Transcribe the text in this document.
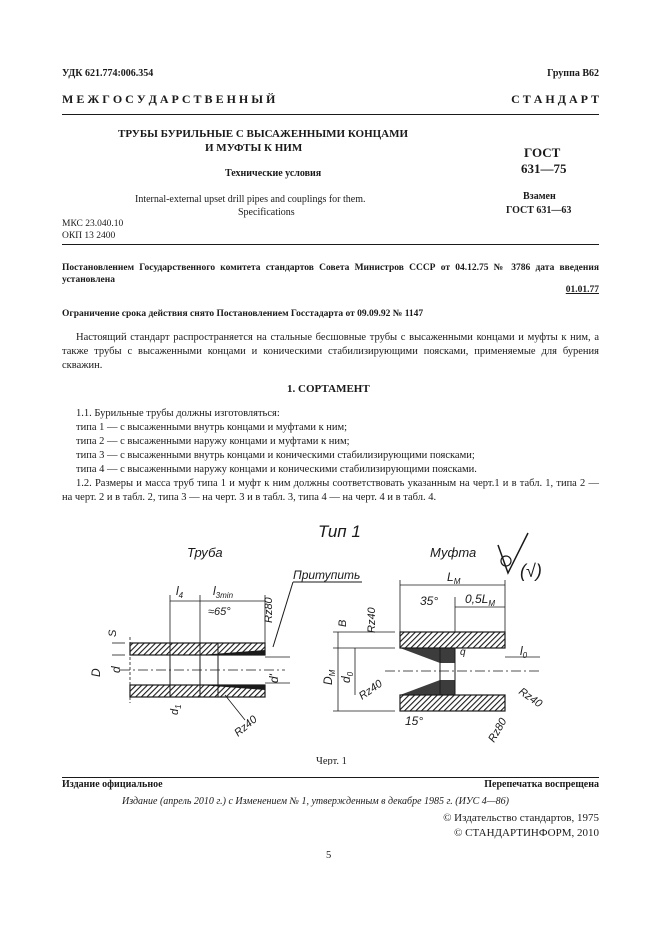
УДК 621.774:006.354	Группа В62
М Е Ж Г О С У Д А Р С Т В Е Н Н Ы Й	С Т А Н Д А Р Т
ТРУБЫ БУРИЛЬНЫЕ С ВЫСАЖЕННЫМИ КОНЦАМИ
И МУФТЫ К НИМ
Технические условия
Internal-external upset drill pipes and couplings for them.
Specifications
МКС 23.040.10
ОКП 13 2400
ГОСТ
631—75
Взамен
ГОСТ 631—63
Постановлением Государственного комитета стандартов Совета Министров СССР от 04.12.75 № 3786 дата введения установлена
01.01.77
Ограничение срока действия снято Постановлением Госстадарта от 09.09.92 № 1147
Настоящий стандарт распространяется на стальные бесшовные трубы с высаженными концами и муфты к ним, а также трубы с высаженными концами и коническими стабилизирующими поясками, применяемые для бурения скважин.
1. СОРТАМЕНТ
1.1. Бурильные трубы должны изготовляться:
типа 1 — с высаженными внутрь концами и муфтами к ним;
типа 2 — с высаженными наружу концами и муфтами к ним;
типа 3 — с высаженными внутрь концами и коническими стабилизирующими поясками;
типа 4 — с высаженными наружу концами и коническими стабилизирующими поясками.
1.2. Размеры и масса труб типа 1 и муфт к ним должны соответствовать указанным на черт.1 и в табл. 1, типа 2 — на черт. 2 и в табл. 2, типа 3 — на черт. 3 и в табл. 3, типа 4 — на черт. 4 и в табл. 4.
Тип 1
Труба	Муфта
Притупить	(√)
$l_4$ $l_{3min}$
≈65°	Rz80
Rz40
S
D d
$d_1$
d'
$L_M$
$0,5L_M$
35°
15°
Rz40
Rz40	Rz40
Rz80
B
$D_M$
$d_0$
q	$l_0$
Черт. 1
Издание официальное	Перепечатка воспрещена
Издание (апрель 2010 г.) с Изменением № 1, утвержденным в декабре 1985 г. (ИУС 4—86)
© Издательство стандартов, 1975
© СТАНДАРТИНФОРМ, 2010
5
